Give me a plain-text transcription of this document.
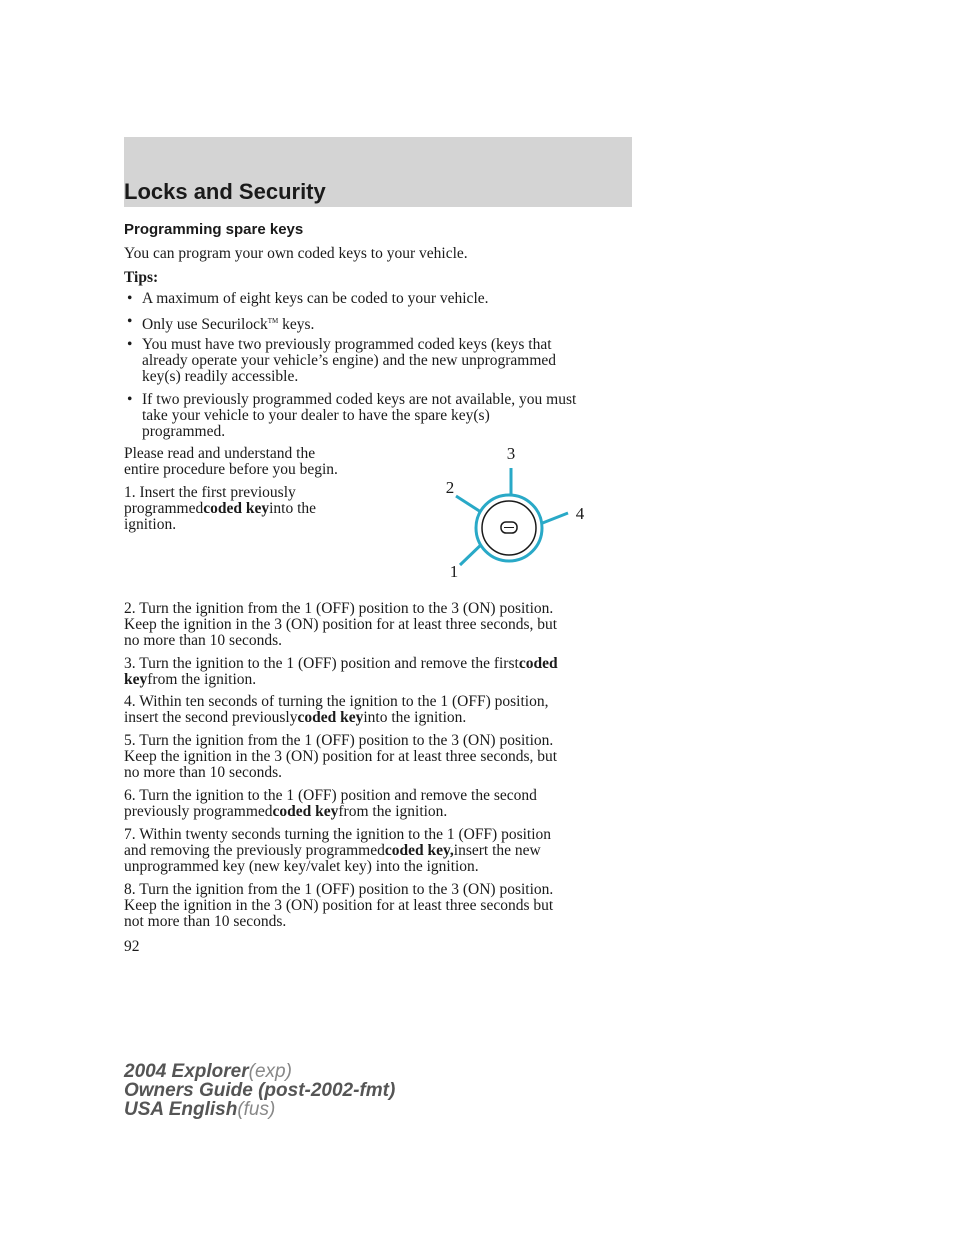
Locks and Security
Programming spare keys
You can program your own coded keys to your vehicle.
Tips:
• A maximum of eight keys can be coded to your vehicle.
• Only use Securilock™ keys.
• You must have two previously programmed coded keys (keys that
already operate your vehicle’s engine) and the new unprogrammed
key(s) readily accessible.
• If two previously programmed coded keys are not available, you must
take your vehicle to your dealer to have the spare key(s)
programmed.
Please read and understand the
entire procedure before you begin.
1. Insert the first previously
programmedcoded keyinto the
ignition.
3
2
4
1
2. Turn the ignition from the 1 (OFF) position to the 3 (ON) position.
Keep the ignition in the 3 (ON) position for at least three seconds, but
no more than 10 seconds.
3. Turn the ignition to the 1 (OFF) position and remove the firstcoded
keyfrom the ignition.
4. Within ten seconds of turning the ignition to the 1 (OFF) position,
insert the second previouslycoded keyinto the ignition.
5. Turn the ignition from the 1 (OFF) position to the 3 (ON) position.
Keep the ignition in the 3 (ON) position for at least three seconds, but
no more than 10 seconds.
6. Turn the ignition to the 1 (OFF) position and remove the second
previously programmedcoded keyfrom the ignition.
7. Within twenty seconds turning the ignition to the 1 (OFF) position
and removing the previously programmedcoded key,insert the new
unprogrammed key (new key/valet key) into the ignition.
8. Turn the ignition from the 1 (OFF) position to the 3 (ON) position.
Keep the ignition in the 3 (ON) position for at least three seconds but
not more than 10 seconds.
92
2004 Explorer(exp)
Owners Guide (post-2002-fmt)
USA English(fus)
